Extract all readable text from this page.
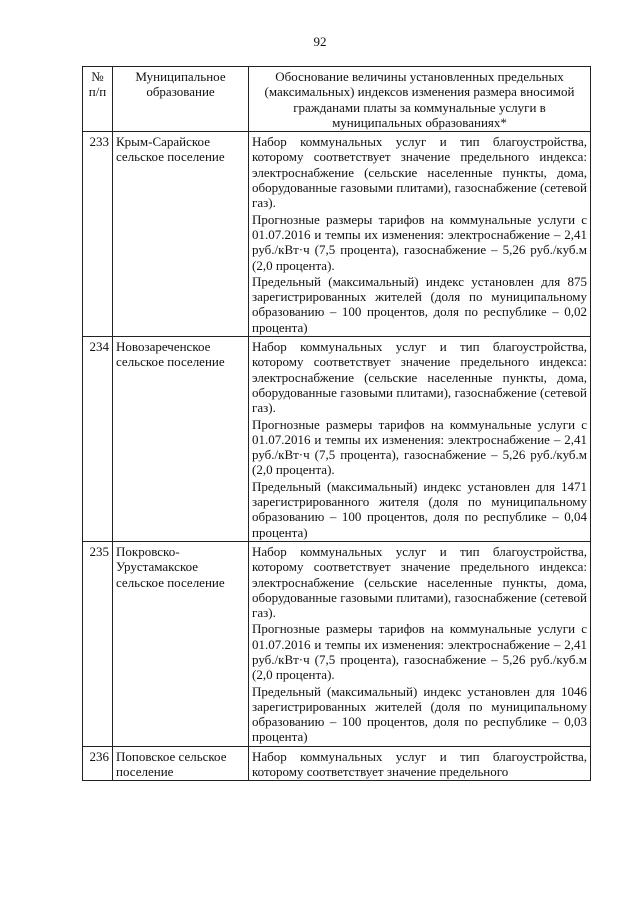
92
№ п/п	Муниципальное образование	Обоснование величины установленных предельных (максимальных) индексов изменения размера вносимой гражданами платы за коммунальные услуги в муниципальных образованиях*
233	Крым-Сарайское сельское поселение	Набор коммунальных услуг и тип благоустройства, которому соответствует значение предельного индекса: электроснабжение (сельские населенные пункты, дома, оборудованные газовыми плитами), газоснабжение (сетевой газ).

Прогнозные размеры тарифов на коммунальные услуги с 01.07.2016 и темпы их изменения: электроснабжение – 2,41 руб./кВт·ч (7,5 процента), газоснабжение – 5,26 руб./куб.м (2,0 процента).

Предельный (максимальный) индекс установлен для 875 зарегистрированных жителей (доля по муниципальному образованию – 100 процентов, доля по республике – 0,02 процента)

234	Новозареченское сельское поселение	Набор коммунальных услуг и тип благоустройства, которому соответствует значение предельного индекса: электроснабжение (сельские населенные пункты, дома, оборудованные газовыми плитами), газоснабжение (сетевой газ).

Прогнозные размеры тарифов на коммунальные услуги с 01.07.2016 и темпы их изменения: электроснабжение – 2,41 руб./кВт·ч (7,5 процента), газоснабжение – 5,26 руб./куб.м (2,0 процента).

Предельный (максимальный) индекс установлен для 1471 зарегистрированного жителя (доля по муниципальному образованию – 100 процентов, доля по республике – 0,04 процента)

235	Покровско-Урустамакское сельское поселение	Набор коммунальных услуг и тип благоустройства, которому соответствует значение предельного индекса: электроснабжение (сельские населенные пункты, дома, оборудованные газовыми плитами), газоснабжение (сетевой газ).

Прогнозные размеры тарифов на коммунальные услуги с 01.07.2016 и темпы их изменения: электроснабжение – 2,41 руб./кВт·ч (7,5 процента), газоснабжение – 5,26 руб./куб.м (2,0 процента).

Предельный (максимальный) индекс установлен для 1046 зарегистрированных жителей (доля по муниципальному образованию – 100 процентов, доля по республике – 0,03 процента)

236	Поповское сельское поселение	Набор коммунальных услуг и тип благоустройства, которому соответствует значение предельного
